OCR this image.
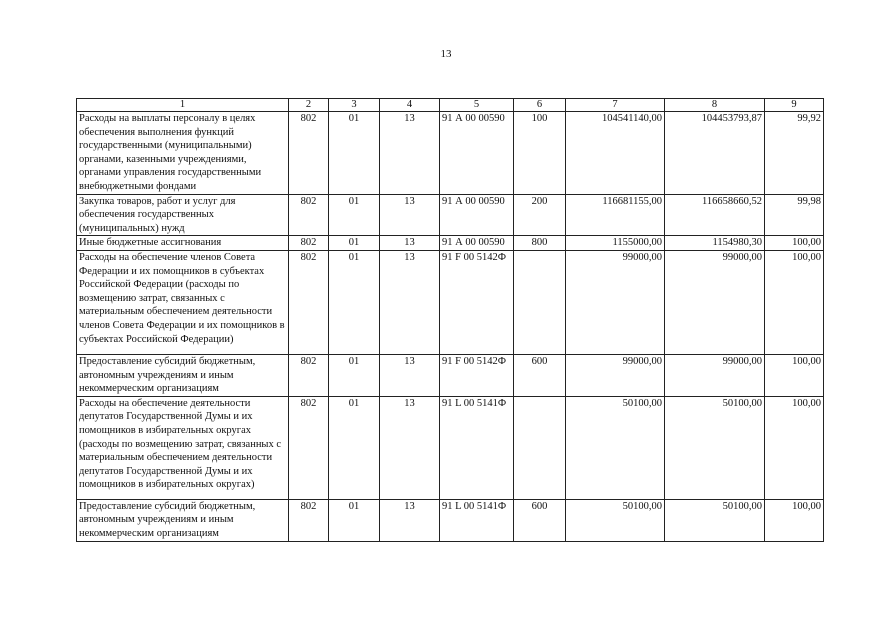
13
1	2	3	4	5	6	7	8	9
Расходы на выплаты персоналу в целях обеспечения выполнения функций государственными (муниципальными) органами, казенными учреждениями, органами управления государственными внебюджетными фондами	802	01	13	91 А 00 00590	100	104541140,00	104453793,87	99,92
Закупка товаров, работ и услуг для обеспечения государственных (муниципальных) нужд	802	01	13	91 А 00 00590	200	116681155,00	116658660,52	99,98
Иные бюджетные ассигнования	802	01	13	91 А 00 00590	800	1155000,00	1154980,30	100,00
Расходы на обеспечение членов Совета Федерации и их помощников в субъектах Российской Федерации (расходы по возмещению затрат, связанных с материальным обеспечением деятельности членов Совета Федерации и их помощников в субъектах Российской Федерации)	802	01	13	91 F 00 5142Ф		99000,00	99000,00	100,00
Предоставление субсидий бюджетным, автономным учреждениям и иным некоммерческим организациям	802	01	13	91 F 00 5142Ф	600	99000,00	99000,00	100,00
Расходы на обеспечение деятельности депутатов Государственной Думы и их помощников в избирательных округах (расходы по возмещению затрат, связанных с материальным обеспечением деятельности депутатов Государственной Думы и их помощников в избирательных округах)	802	01	13	91 L 00 5141Ф		50100,00	50100,00	100,00
Предоставление субсидий бюджетным, автономным учреждениям и иным некоммерческим организациям	802	01	13	91 L 00 5141Ф	600	50100,00	50100,00	100,00
